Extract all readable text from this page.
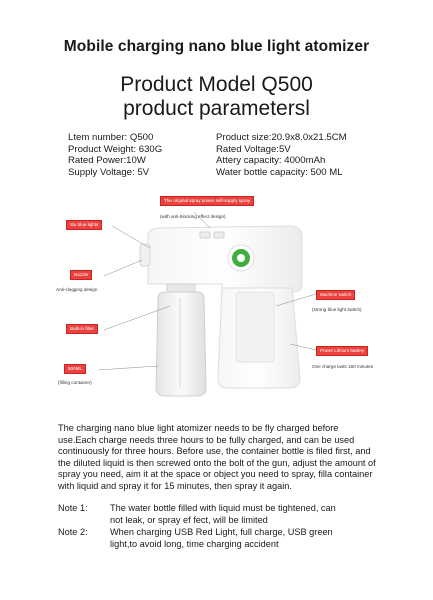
Mobile charging nano blue light atomizer
Product Model Q500
product parametersl
Ltem number: Q500	Product size:20.9x8.0x21.5CM
Product Weight: 630G	Rated Voltage:5V
Rated Power:10W	Attery capacity: 4000mAh
Supply Voltage: 5V	Water bottle capacity: 500 ML
The original spray power self-supply spray
(with anti-blocking effect design)
Six blue lights
Nozzle
Anti-clogging design
Built-in filter
500ML
(filling container)
Machine switch
(strong blue light switch)
Power Lithium battery
One charge lasts 180 minutes
The charging nano blue light atomizer needs to be fly charged before use.Each charge needs three hours to be fully charged, and can be used continuously for three hours. Before use, the container bottle is filed first, and the diluted liquid is then screwed onto the bolt of the gun, adjust the amount of spray you need, aim it at the space or object you need to spray, filla container with liquid and spray it for 15 minutes, then spray it again.
Note 1: The water bottle filled with liquid must be tightened, can
not leak, or spray ef fect, will be limited
Note 2: When charging USB Red Light, full charge, USB green
light,to avoid long, time charging accident
